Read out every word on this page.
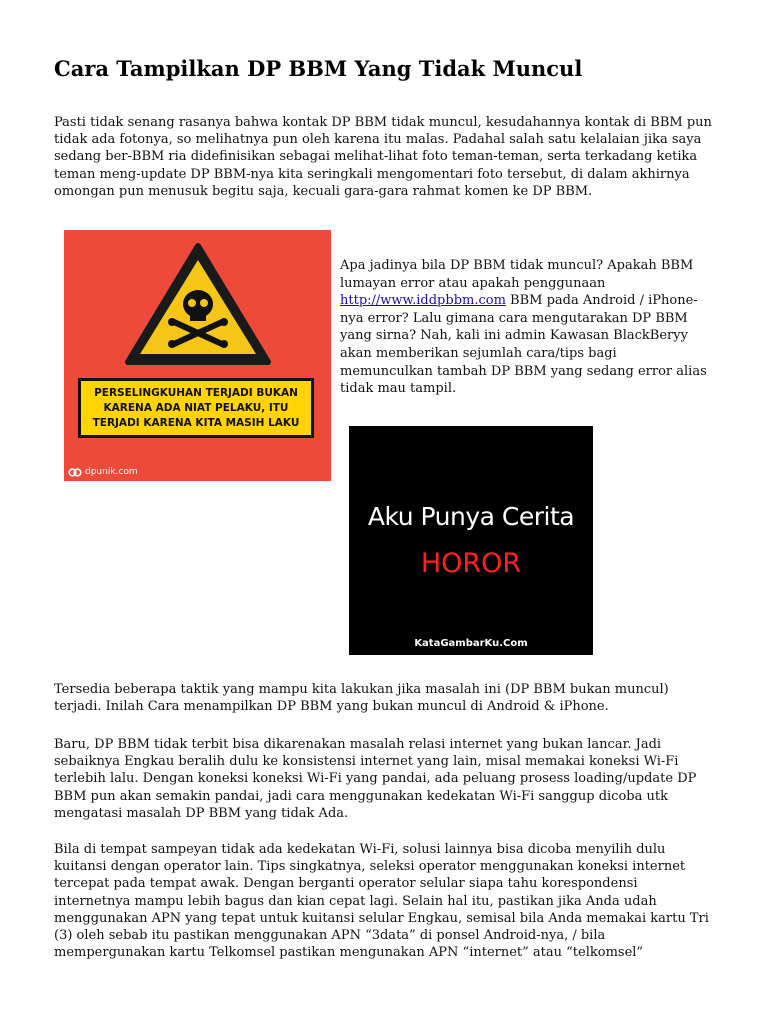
Cara Tampilkan DP BBM Yang Tidak Muncul

Pasti tidak senang rasanya bahwa kontak DP BBM tidak muncul, kesudahannya kontak di BBM pun tidak ada fotonya, so melihatnya pun oleh karena itu malas. Padahal salah satu kelalaian jika saya sedang ber-BBM ria didefinisikan sebagai melihat-lihat foto teman-teman, serta terkadang ketika teman meng-update DP BBM-nya kita seringkali mengomentari foto tersebut, di dalam akhirnya omongan pun menusuk begitu saja, kecuali gara-gara rahmat komen ke DP BBM.

PERSELINGKUHAN TERJADI BUKAN
KARENA ADA NIAT PELAKU, ITU
TERJADI KARENA KITA MASIH LAKU
dpunik.com

Apa jadinya bila DP BBM tidak muncul? Apakah BBM lumayan error atau apakah penggunaan http://www.iddpbbm.com BBM pada Android / iPhone-nya error? Lalu gimana cara mengutarakan DP BBM yang sirna? Nah, kali ini admin Kawasan BlackBeryy akan memberikan sejumlah cara/tips bagi memunculkan tambah DP BBM yang sedang error alias tidak mau tampil.

Aku Punya Cerita
HOROR
KataGambarKu.Com

Tersedia beberapa taktik yang mampu kita lakukan jika masalah ini (DP BBM bukan muncul) terjadi. Inilah Cara menampilkan DP BBM yang bukan muncul di Android & iPhone.

Baru, DP BBM tidak terbit bisa dikarenakan masalah relasi internet yang bukan lancar. Jadi sebaiknya Engkau beralih dulu ke konsistensi internet yang lain, misal memakai koneksi Wi-Fi terlebih lalu. Dengan koneksi koneksi Wi-Fi yang pandai, ada peluang prosess loading/update DP BBM pun akan semakin pandai, jadi cara menggunakan kedekatan Wi-Fi sanggup dicoba utk mengatasi masalah DP BBM yang tidak Ada.

Bila di tempat sampeyan tidak ada kedekatan Wi-Fi, solusi lainnya bisa dicoba menyilih dulu kuitansi dengan operator lain. Tips singkatnya, seleksi operator menggunakan koneksi internet tercepat pada tempat awak. Dengan berganti operator selular siapa tahu korespondensi internetnya mampu lebih bagus dan kian cepat lagi. Selain hal itu, pastikan jika Anda udah menggunakan APN yang tepat untuk kuitansi selular Engkau, semisal bila Anda memakai kartu Tri (3) oleh sebab itu pastikan menggunakan APN “3data” di ponsel Android-nya, / bila mempergunakan kartu Telkomsel pastikan mengunakan APN “internet” atau “telkomsel”
